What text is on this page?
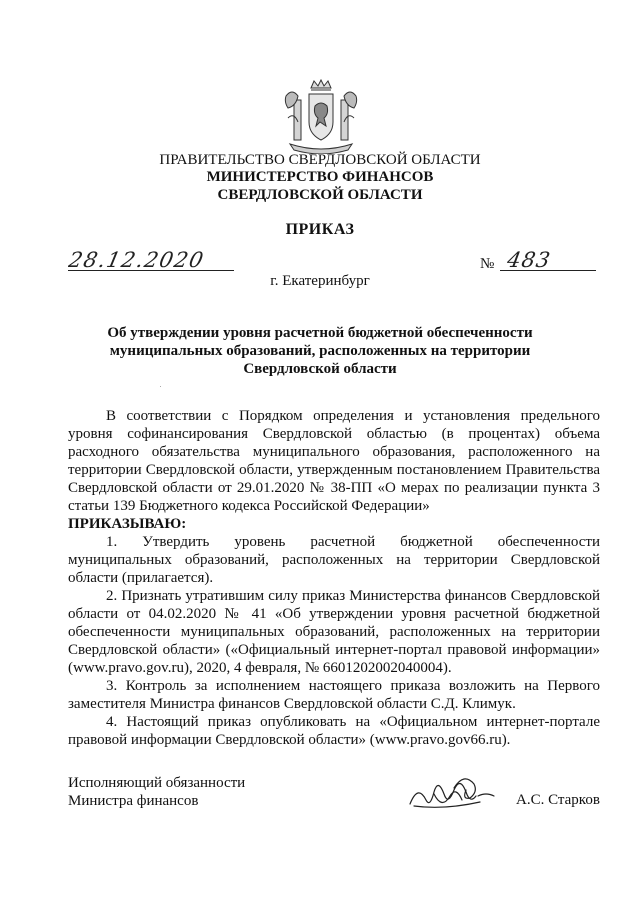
ПРАВИТЕЛЬСТВО СВЕРДЛОВСКОЙ ОБЛАСТИ
МИНИСТЕРСТВО ФИНАНСОВ
СВЕРДЛОВСКОЙ ОБЛАСТИ
ПРИКАЗ
28.12.2020	№ 483
г. Екатеринбург
Об утверждении уровня расчетной бюджетной обеспеченности
муниципальных образований, расположенных на территории
Свердловской области

В соответствии с Порядком определения и установления предельного уровня софинансирования Свердловской областью (в процентах) объема расходного обязательства муниципального образования, расположенного на территории Свердловской области, утвержденным постановлением Правительства Свердловской области от 29.01.2020 № 38-ПП «О мерах по реализации пункта 3 статьи 139 Бюджетного кодекса Российской Федерации»

ПРИКАЗЫВАЮ:

1. Утвердить уровень расчетной бюджетной обеспеченности муниципальных образований, расположенных на территории Свердловской области (прилагается).

2. Признать утратившим силу приказ Министерства финансов Свердловской области от 04.02.2020 № 41 «Об утверждении уровня расчетной бюджетной обеспеченности муниципальных образований, расположенных на территории Свердловской области» («Официальный интернет-портал правовой информации» (www.pravo.gov.ru), 2020, 4 февраля, № 6601202002040004).

3. Контроль за исполнением настоящего приказа возложить на Первого заместителя Министра финансов Свердловской области С.Д. Климук.

4. Настоящий приказ опубликовать на «Официальном интернет-портале правовой информации Свердловской области» (www.pravo.gov66.ru).

Исполняющий обязанности
Министра финансов	А.С. Старков
